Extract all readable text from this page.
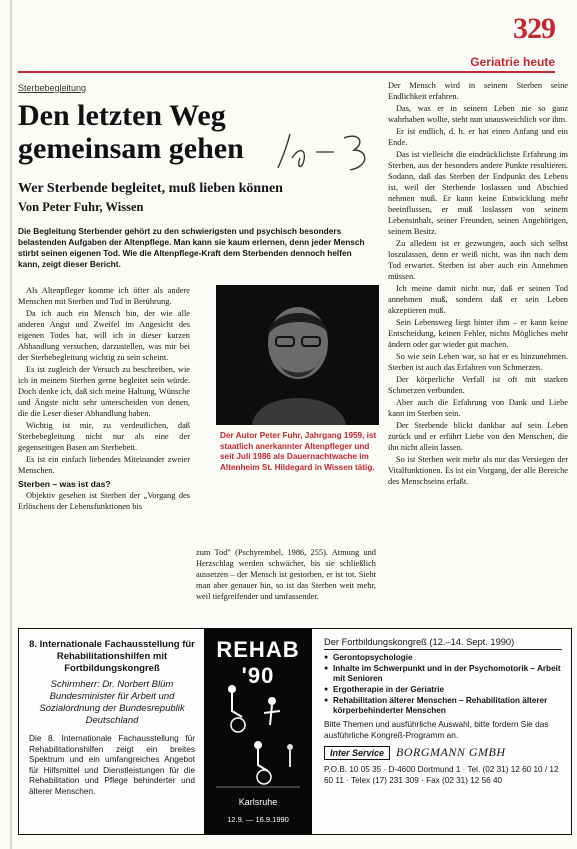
329
Geriatrie heute
Sterbebegleitung
Den letzten Weg gemeinsam gehen
Wer Sterbende begleitet, muß lieben können
Von Peter Fuhr, Wissen

Die Begleitung Sterbender gehört zu den schwierigsten und psychisch besonders belastenden Aufgaben der Altenpflege. Man kann sie kaum erlernen, denn jeder Mensch stirbt seinen eigenen Tod. Wie die Altenpflege-Kraft dem Sterbenden dennoch helfen kann, zeigt dieser Bericht.

Als Altenpfleger komme ich öfter als andere Menschen mit Sterben und Tod in Berührung.

Da ich auch ein Mensch bin, der wie alle anderen Angst und Zweifel im Angesicht des eigenen Todes hat, will ich in dieser kurzen Abhandlung versuchen, darzustellen, was mir bei der Sterbebegleitung wichtig zu sein scheint.

Es ist zugleich der Versuch zu beschreiben, wie ich in meinem Sterben gerne begleitet sein würde. Doch denke ich, daß sich meine Haltung, Wünsche und Ängste nicht sehr unterscheiden von denen, die die Leser dieser Abhandlung haben.

Wichtig ist mir, zu verdeutlichen, daß Sterbebegleitung nicht nur als eine der gegenseitigen Basen am Sterbebett.

Es ist ein einfach liebendes Miteinander zweier Menschen.

Sterben – was ist das?

Objektiv gesehen ist Sterben der „Vorgang des Erlöschens der Lebensfunktionen bis

Der Autor Peter Fuhr, Jahrgang 1959, ist staatlich anerkannter Altenpfleger und seit Juli 1986 als Dauernachtwache im Altenheim St. Hildegard in Wissen tätig.

zum Tod" (Pschyrembel, 1986, 255). Atmung und Herzschlag werden schwächer, bis sie schließlich aussetzen – der Mensch ist gestorben, er ist tot. Sieht man aber genauer hin, so ist das Sterben weit mehr, weil tiefgreifender und umfassender.

Der Mensch wird in seinem Sterben seine Endlichkeit erfahren.

Das, was er in seinem Leben nie so ganz wahrhaben wollte, steht nun unausweichlich vor ihm.

Er ist endlich, d. h. er hat einen Anfang und ein Ende.

Das ist vielleicht die eindrücklichste Erfahrung im Sterben, aus der besonders andere Punkte resultieren. Sodann, daß das Sterben der Endpunkt des Lebens ist, weil der Sterbende loslassen und Abschied nehmen muß. Er kann keine Entwicklung mehr beeinflussen, er muß loslassen von seinem Lebensinhalt, seiner Freunden, seinen Angehörigen, seinem Besitz.

Zu alledem ist er gezwungen, auch sich selbst loszulassen, denn er weiß nicht, was ihn nach dem Tod erwartet. Sterben ist aber auch ein Annehmen müssen.

Ich meine damit nicht nur, daß er seinen Tod annehmen muß, sondern daß er sein Leben akzeptieren muß.

Sein Lebensweg liegt hinter ihm – er kann keine Entscheidung, keinen Fehler, nichts Mögliches mehr ändern oder gar wieder gut machen.

So wie sein Leben war, so hat er es hinzunehmen. Sterben ist auch das Erfahren von Schmerzen.

Der körperliche Verfall ist oft mit starken Schmerzen verbunden.

Aber auch die Erfahrung von Dank und Liebe kann im Sterben sein.

Der Sterbende blickt dankbar auf sein Leben zurück und er erfährt Liebe von den Menschen, die ihn nicht allein lassen.

So ist Sterben weit mehr als nur das Versiegen der Vitalfunktionen. Es ist ein Vorgang, der alle Bereiche des Menschseins erfaßt.

8. Internationale Fachausstellung für Rehabilitationshilfen mit Fortbildungskongreß

Schirmherr: Dr. Norbert Blüm Bundesminister für Arbeit und Sozialordnung der Bundesrepublik Deutschland

Die 8. Internationale Fachausstellung für Rehabilitationshilfen zeigt ein breites Spektrum und ein umfangreiches Angebot für Hilfsmittel und Dienstleistungen für die Rehabilitation und Pflege behinderter und älterer Menschen.

REHAB '90
Karlsruhe
12.9. — 16.9.1990

Der Fortbildungskongreß (12.–14. Sept. 1990)

● Gerontopsychologie
● Inhalte im Schwerpunkt und in der Psychomotorik – Arbeit mit Senioren
● Ergotherapie in der Geriatrie
● Rehabilitation älterer Menschen – Rehabilitation älterer körperbehinderter Menschen

Bitte Themen und ausführliche Auswahl, bitte fordern Sie das ausführliche Kongreß-Programm an.

Inter Service	BORGMANN GMBH

P.O.B. 10 05 35 · D-4600 Dortmund 1 · Tel. (02 31) 12 60 10 / 12 60 11 · Telex (17) 231 309 · Fax (02 31) 12 56 40
